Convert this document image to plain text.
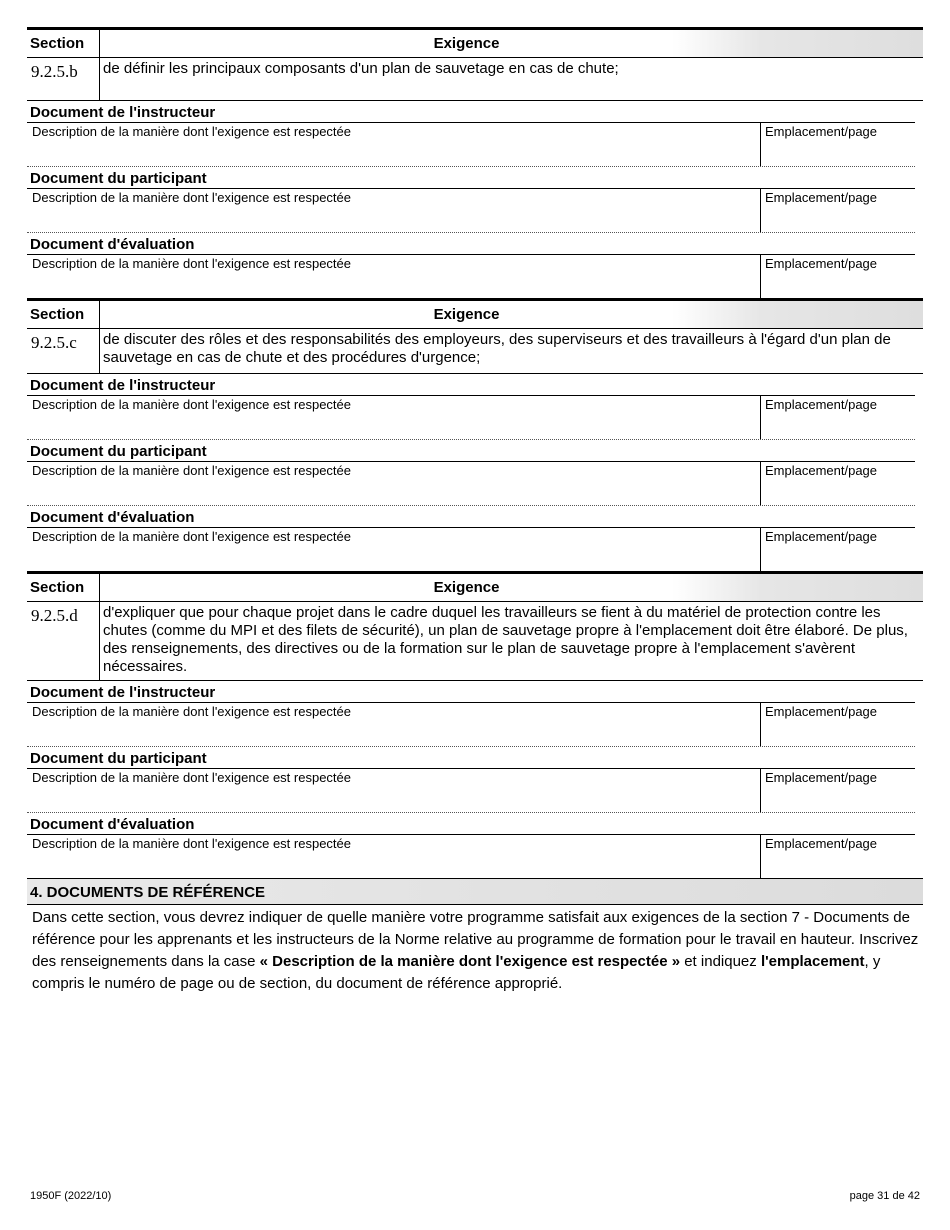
Section	Exigence
9.2.5.b	de définir les principaux composants d'un plan de sauvetage en cas de chute;
Document de l'instructeur
Description de la manière dont l'exigence est respectée	Emplacement/page
Document du participant
Description de la manière dont l'exigence est respectée	Emplacement/page
Document d'évaluation
Description de la manière dont l'exigence est respectée	Emplacement/page
Section	Exigence
9.2.5.c	de discuter des rôles et des responsabilités des employeurs, des superviseurs et des travailleurs à l'égard d'un plan de sauvetage en cas de chute et des procédures d'urgence;
Document de l'instructeur
Description de la manière dont l'exigence est respectée	Emplacement/page
Document du participant
Description de la manière dont l'exigence est respectée	Emplacement/page
Document d'évaluation
Description de la manière dont l'exigence est respectée	Emplacement/page
Section	Exigence
9.2.5.d	d'expliquer que pour chaque projet dans le cadre duquel les travailleurs se fient à du matériel de protection contre les chutes (comme du MPI et des filets de sécurité), un plan de sauvetage propre à l'emplacement doit être élaboré. De plus, des renseignements, des directives ou de la formation sur le plan de sauvetage propre à l'emplacement s'avèrent nécessaires.
Document de l'instructeur
Description de la manière dont l'exigence est respectée	Emplacement/page
Document du participant
Description de la manière dont l'exigence est respectée	Emplacement/page
Document d'évaluation
Description de la manière dont l'exigence est respectée	Emplacement/page
4. DOCUMENTS DE RÉFÉRENCE
Dans cette section, vous devrez indiquer de quelle manière votre programme satisfait aux exigences de la section 7 - Documents de référence pour les apprenants et les instructeurs de la Norme relative au programme de formation pour le travail en hauteur. Inscrivez des renseignements dans la case « Description de la manière dont l'exigence est respectée » et indiquez l'emplacement, y compris le numéro de page ou de section, du document de référence approprié.
1950F (2022/10)	page 31 de 42
